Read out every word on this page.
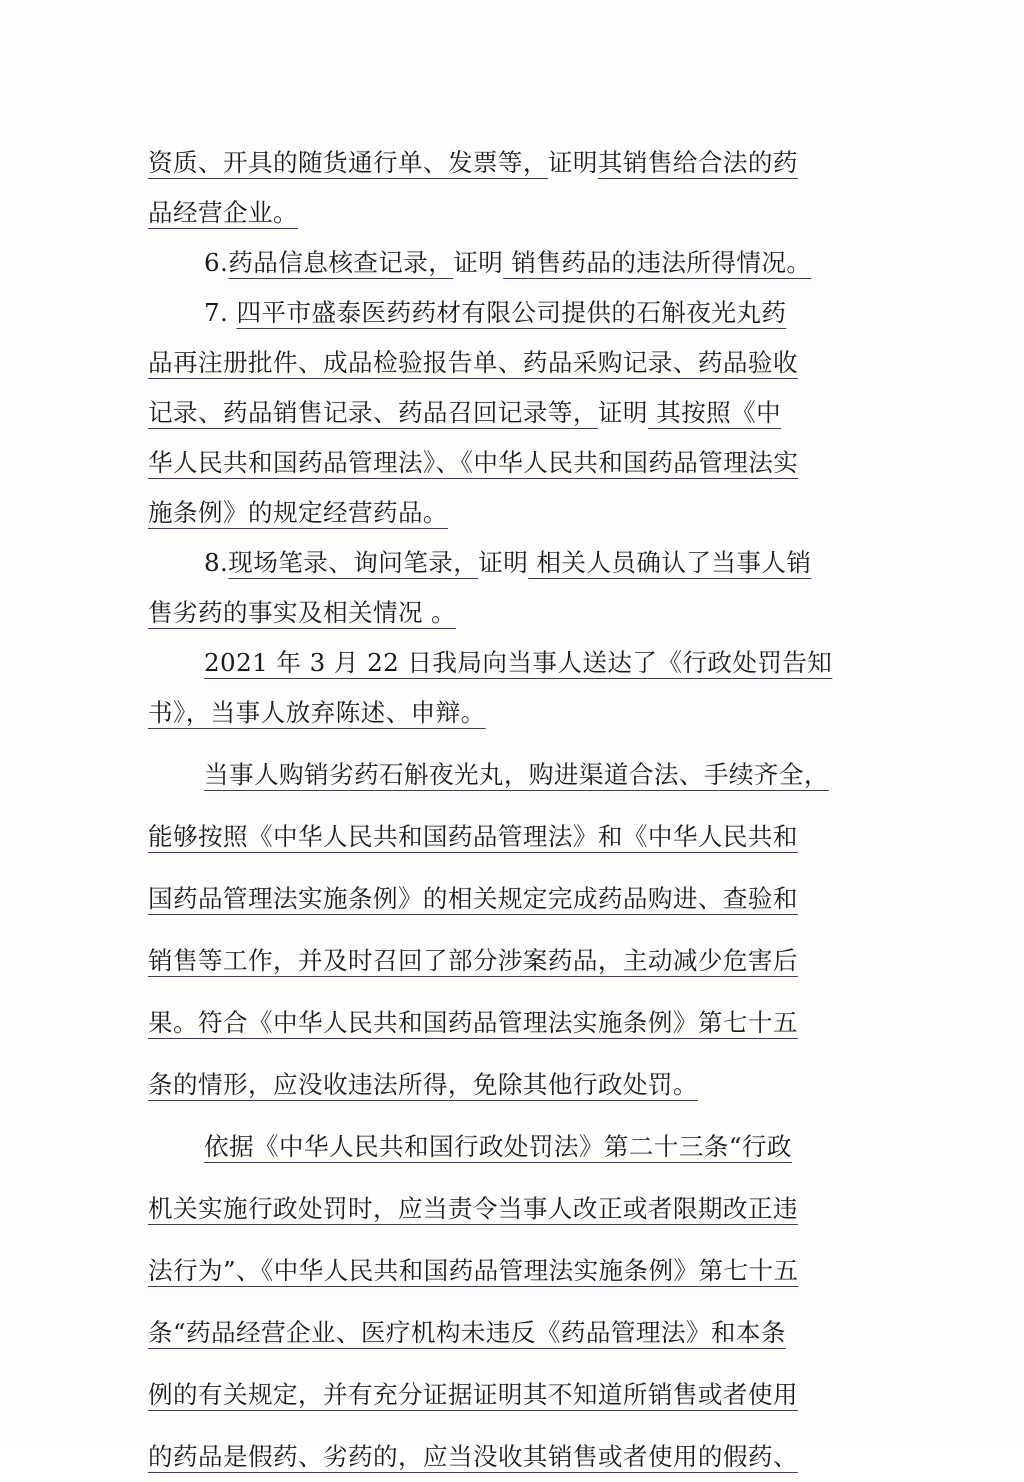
资质、开具的随货通行单、发票等，证明其销售给合法的药
品经营企业。
6.药品信息核查记录，证明 销售药品的违法所得情况。
7. 四平市盛泰医药药材有限公司提供的石斛夜光丸药
品再注册批件、成品检验报告单、药品采购记录、药品验收
记录、药品销售记录、药品召回记录等，证明 其按照《中
华人民共和国药品管理法》、《中华人民共和国药品管理法实
施条例》的规定经营药品。
8.现场笔录、询问笔录，证明 相关人员确认了当事人销
售劣药的事实及相关情况 。
2021 年 3 月 22 日我局向当事人送达了《行政处罚告知
书》，当事人放弃陈述、申辩。
当事人购销劣药石斛夜光丸，购进渠道合法、手续齐全，
能够按照《中华人民共和国药品管理法》和《中华人民共和
国药品管理法实施条例》的相关规定完成药品购进、查验和
销售等工作，并及时召回了部分涉案药品，主动减少危害后
果。符合《中华人民共和国药品管理法实施条例》第七十五
条的情形，应没收违法所得，免除其他行政处罚。
依据《中华人民共和国行政处罚法》第二十三条“行政
机关实施行政处罚时，应当责令当事人改正或者限期改正违
法行为”、《中华人民共和国药品管理法实施条例》第七十五
条“药品经营企业、医疗机构未违反《药品管理法》和本条
例的有关规定，并有充分证据证明其不知道所销售或者使用
的药品是假药、劣药的，应当没收其销售或者使用的假药、
